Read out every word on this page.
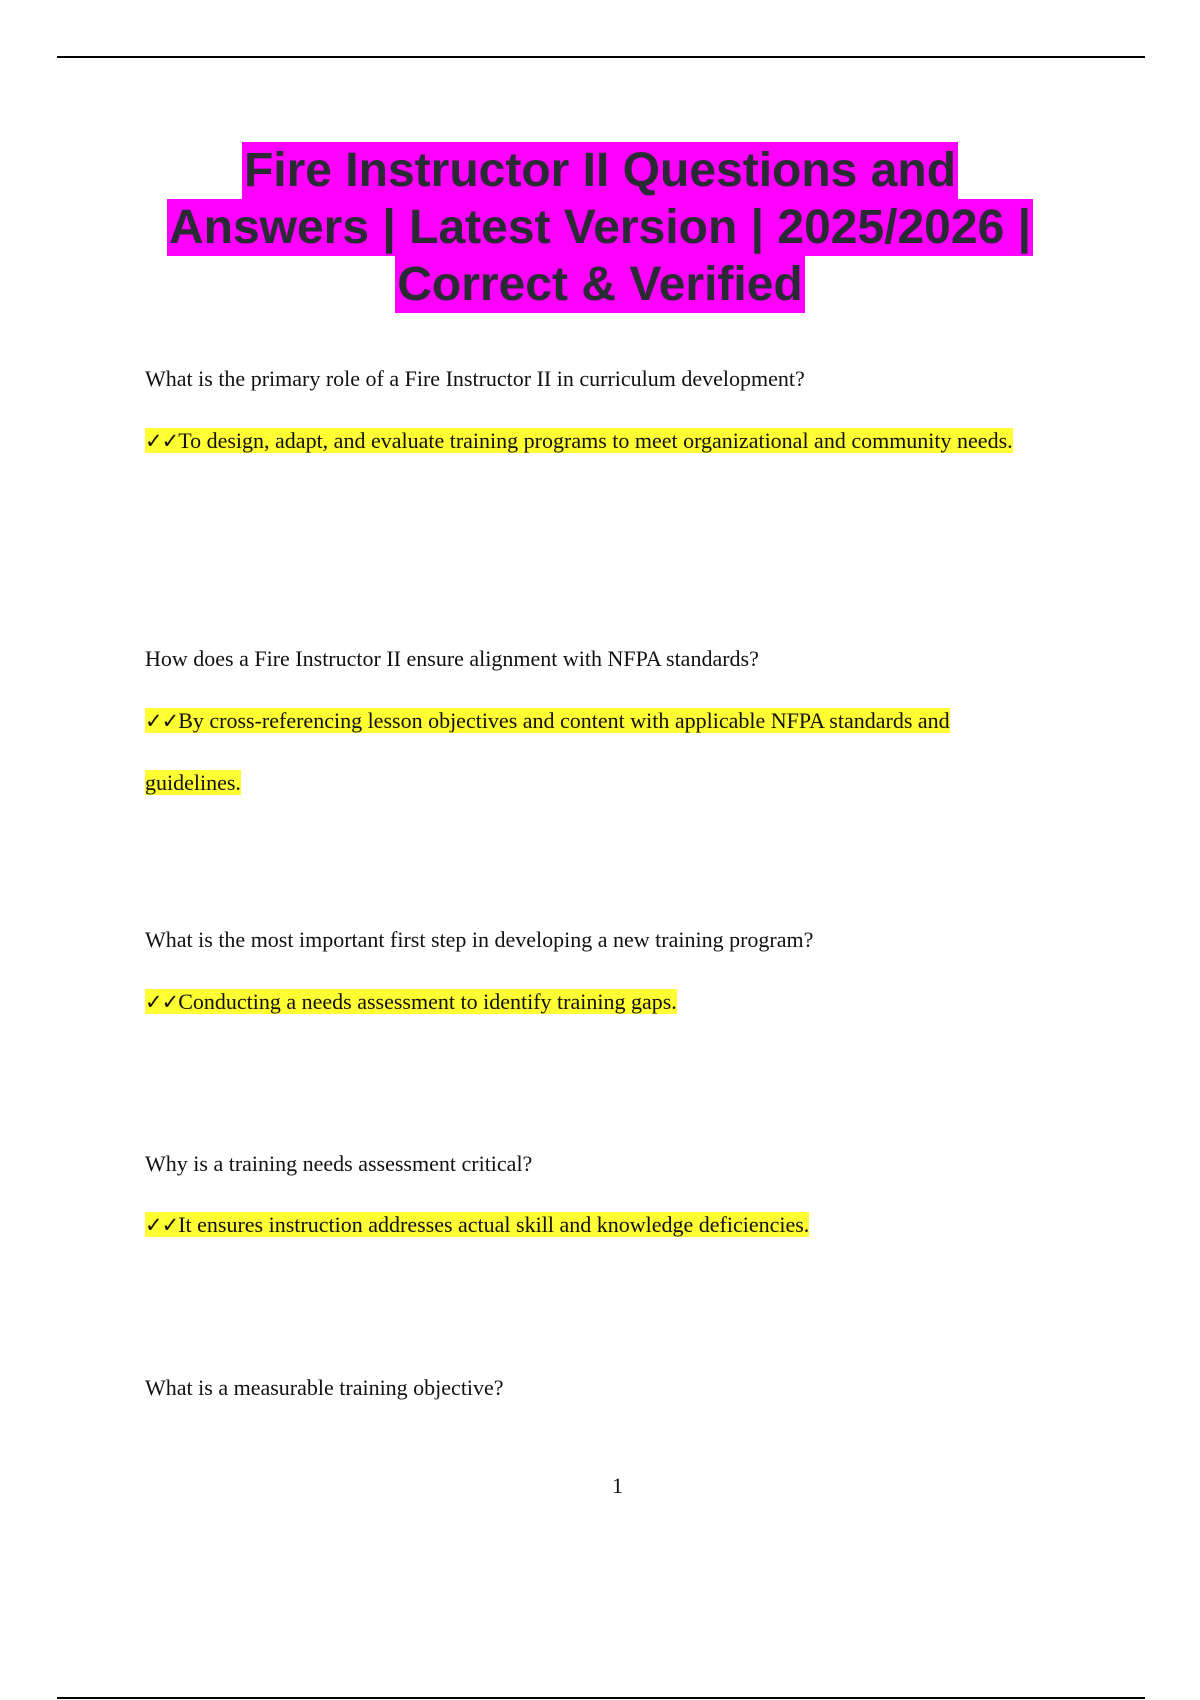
Fire Instructor II Questions and
Answers | Latest Version | 2025/2026 |
Correct & Verified
What is the primary role of a Fire Instructor II in curriculum development?
✓✓To design, adapt, and evaluate training programs to meet organizational and community needs.
How does a Fire Instructor II ensure alignment with NFPA standards?
✓✓By cross-referencing lesson objectives and content with applicable NFPA standards and guidelines.
What is the most important first step in developing a new training program?
✓✓Conducting a needs assessment to identify training gaps.
Why is a training needs assessment critical?
✓✓It ensures instruction addresses actual skill and knowledge deficiencies.
What is a measurable training objective?
1
